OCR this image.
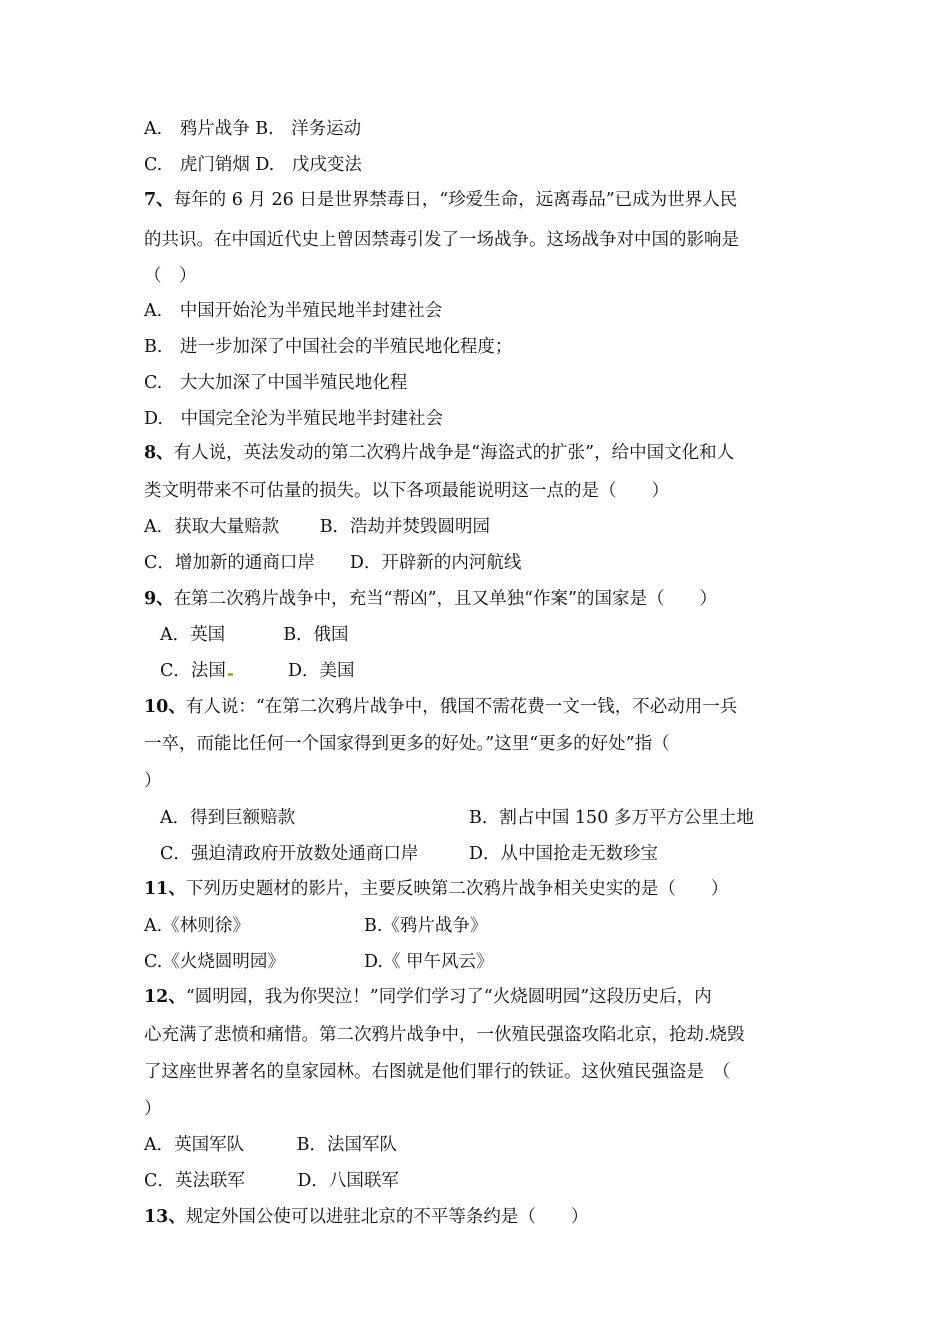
A.　鸦片战争 B.　洋务运动
C.　虎门销烟 D.　戊戌变法
7、每年的 6 月 26 日是世界禁毒日，“珍爱生命，远离毒品”已成为世界人民
的共识。在中国近代史上曾因禁毒引发了一场战争。这场战争对中国的影响是
（　）
A.　中国开始沦为半殖民地半封建社会
B.　进一步加深了中国社会的半殖民地化程度；
C.　大大加深了中国半殖民地化程
D.　中国完全沦为半殖民地半封建社会
8、有人说，英法发动的第二次鸦片战争是“海盗式的扩张”，给中国文化和人
类文明带来不可估量的损失。以下各项最能说明这一点的是（　　）
A．获取大量赔款　　 B．浩劫并焚毁圆明园
C．增加新的通商口岸　　D．开辟新的内河航线
9、在第二次鸦片战争中，充当“帮凶”，且又单独“作案”的国家是（　　）
A．英国　　　 B．俄国
C．法国	D．美国
10、有人说：“在第二次鸦片战争中，俄国不需花费一文一钱，不必动用一兵
一卒，而能比任何一个国家得到更多的好处。”这里“更多的好处”指（
）
A．得到巨额赔款	B．割占中国 150 多万平方公里土地
C．强迫清政府开放数处通商口岸	D．从中国抢走无数珍宝
11、下列历史题材的影片，主要反映第二次鸦片战争相关史实的是（　　）
A.《林则徐》	B.《鸦片战争》
C.《火烧圆明园》	D.《 甲午风云》
12、“圆明园，我为你哭泣！”同学们学习了“火烧圆明园”这段历史后，内
心充满了悲愤和痛惜。第二次鸦片战争中，一伙殖民强盗攻陷北京，抢劫.烧毁
了这座世界著名的皇家园林。右图就是他们罪行的铁证。这伙殖民强盗是　（
）
A．英国军队　　　B．法国军队
C．英法联军　　　D．八国联军
13、规定外国公使可以进驻北京的不平等条约是（　　）
